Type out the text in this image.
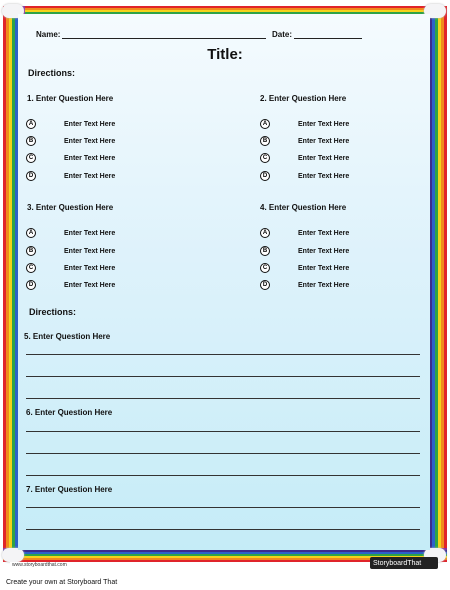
Name:	Date:
Title:
Directions:
1. Enter Question Here
A	Enter Text Here
B	Enter Text Here
C	Enter Text Here
D	Enter Text Here
2. Enter Question Here
A	Enter Text Here
B	Enter Text Here
C	Enter Text Here
D	Enter Text Here
3. Enter Question Here
A	Enter Text Here
B	Enter Text Here
C	Enter Text Here
D	Enter Text Here
4. Enter Question Here
A	Enter Text Here
B	Enter Text Here
C	Enter Text Here
D	Enter Text Here
Directions:
5. Enter Question Here
6. Enter Question Here
7. Enter Question Here
www.storyboardthat.com	StoryboardThat
Create your own at Storyboard That
